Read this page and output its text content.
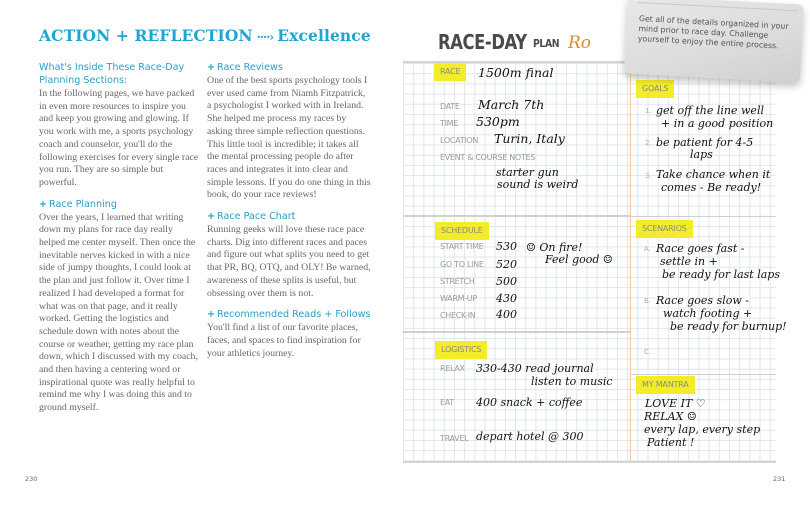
ACTION + REFLECTION ····› Excellence
What's Inside These Race-Day Planning Sections:
In the following pages, we have packed in even more resources to inspire you and keep you growing and glowing. If you work with me, a sports psychology coach and counselor, you'll do the following exercises for every single race you run. They are so simple but powerful.
+ Race Planning
Over the years, I learned that writing down my plans for race day really helped me center myself. Then once the inevitable nerves kicked in with a nice side of jumpy thoughts, I could look at the plan and just follow it. Over time I realized I had developed a format for what was on that page, and it really worked. Getting the logistics and schedule down with notes about the course or weather, getting my race plan down, which I discussed with my coach, and then having a centering word or inspirational quote was really helpful to remind me why I was doing this and to ground myself.
+ Race Reviews
One of the best sports psychology tools I ever used came from Niamh Fitzpatrick, a psychologist I worked with in Ireland. She helped me process my races by asking three simple reflection questions. This little tool is incredible; it takes all the mental processing people do after races and integrates it into clear and simple lessons. If you do one thing in this book, do your race reviews!
+ Race Pace Chart
Running geeks will love these race pace charts. Dig into different races and paces and figure out what splits you need to get that PR, BQ, OTQ, and OLY! Be warned, awareness of these splits is useful, but obsessing over them is not.
+ Recommended Reads + Follows
You'll find a list of our favorite places, faces, and spaces to find inspiration for your athletics journey.
230
RACE-DAY PLAN Ro
RACE	1500m final
DATE March 7th
TIME 530pm
LOCATION Turin, Italy
EVENT & COURSE NOTES
starter gun
sound is weird
SCHEDULE
START TIME 530
GO TO LINE 520
STRETCH 500
WARM-UP 430
CHECK-IN 400
☺ On fire!
Feel good ☺
LOGISTICS
RELAX 330-430 read journal
listen to music
EAT 400 snack + coffee
TRAVEL depart hotel @ 300
GOALS
1. get off the line well
+ in a good position
2. be patient for 4-5
laps
3. Take chance when it
comes - Be ready!
SCENARIOS
A. Race goes fast -
settle in +
be ready for last laps
B. Race goes slow -
watch footing +
be ready for burnup!
C.
MY MANTRA
LOVE IT ♡
RELAX ☺
every lap, every step
Patient !
Get all of the details organized in your mind prior to race day. Challenge yourself to enjoy the entire process.
231
